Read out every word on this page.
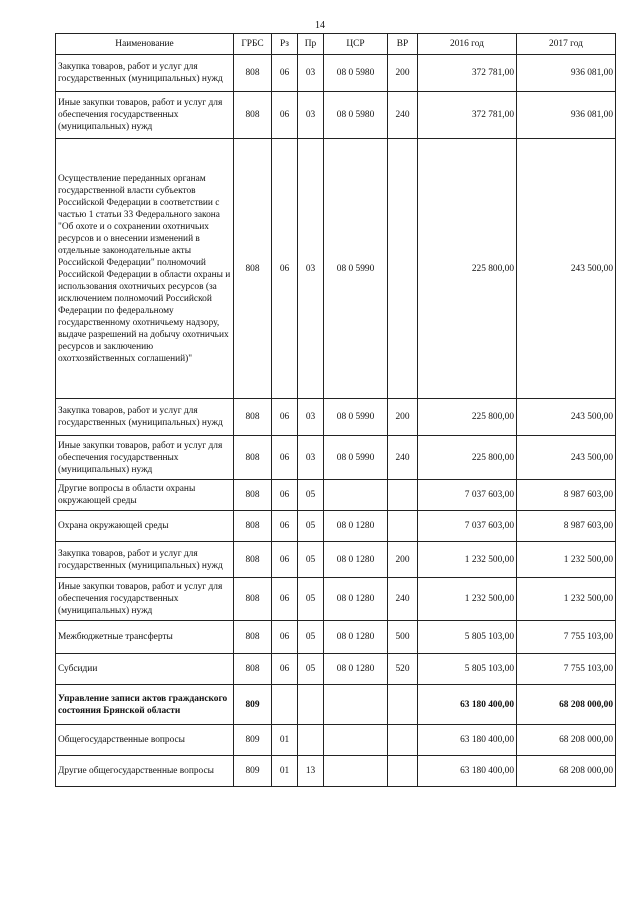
14
Наименование	ГРБС	Рз	Пр	ЦСР	ВР	2016 год	2017 год
Закупка товаров, работ и услуг для государственных (муниципальных) нужд	808	06	03	08 0 5980	200	372 781,00	936 081,00
Иные закупки товаров, работ и услуг для обеспечения государственных (муниципальных) нужд	808	06	03	08 0 5980	240	372 781,00	936 081,00
Осуществление переданных органам государственной власти субъектов Российской Федерации в соответствии с частью 1 статьи 33 Федерального закона "Об охоте и о сохранении охотничьих ресурсов и о внесении изменений в отдельные законодательные акты Российской Федерации" полномочий Российской Федерации в области охраны и использования охотничьих ресурсов (за исключением полномочий Российской Федерации по федеральному государственному охотничьему надзору, выдаче разрешений на добычу охотничьих ресурсов и заключению охотхозяйственных соглашений)"	808	06	03	08 0 5990		225 800,00	243 500,00
Закупка товаров, работ и услуг для государственных (муниципальных) нужд	808	06	03	08 0 5990	200	225 800,00	243 500,00
Иные закупки товаров, работ и услуг для обеспечения государственных (муниципальных) нужд	808	06	03	08 0 5990	240	225 800,00	243 500,00
Другие вопросы в области охраны окружающей среды	808	06	05			7 037 603,00	8 987 603,00
Охрана окружающей среды	808	06	05	08 0 1280		7 037 603,00	8 987 603,00
Закупка товаров, работ и услуг для государственных (муниципальных) нужд	808	06	05	08 0 1280	200	1 232 500,00	1 232 500,00
Иные закупки товаров, работ и услуг для обеспечения государственных (муниципальных) нужд	808	06	05	08 0 1280	240	1 232 500,00	1 232 500,00
Межбюджетные трансферты	808	06	05	08 0 1280	500	5 805 103,00	7 755 103,00
Субсидии	808	06	05	08 0 1280	520	5 805 103,00	7 755 103,00
Управление записи актов гражданского состояния Брянской области	809					63 180 400,00	68 208 000,00
Общегосударственные вопросы	809	01				63 180 400,00	68 208 000,00
Другие общегосударственные вопросы	809	01	13			63 180 400,00	68 208 000,00
